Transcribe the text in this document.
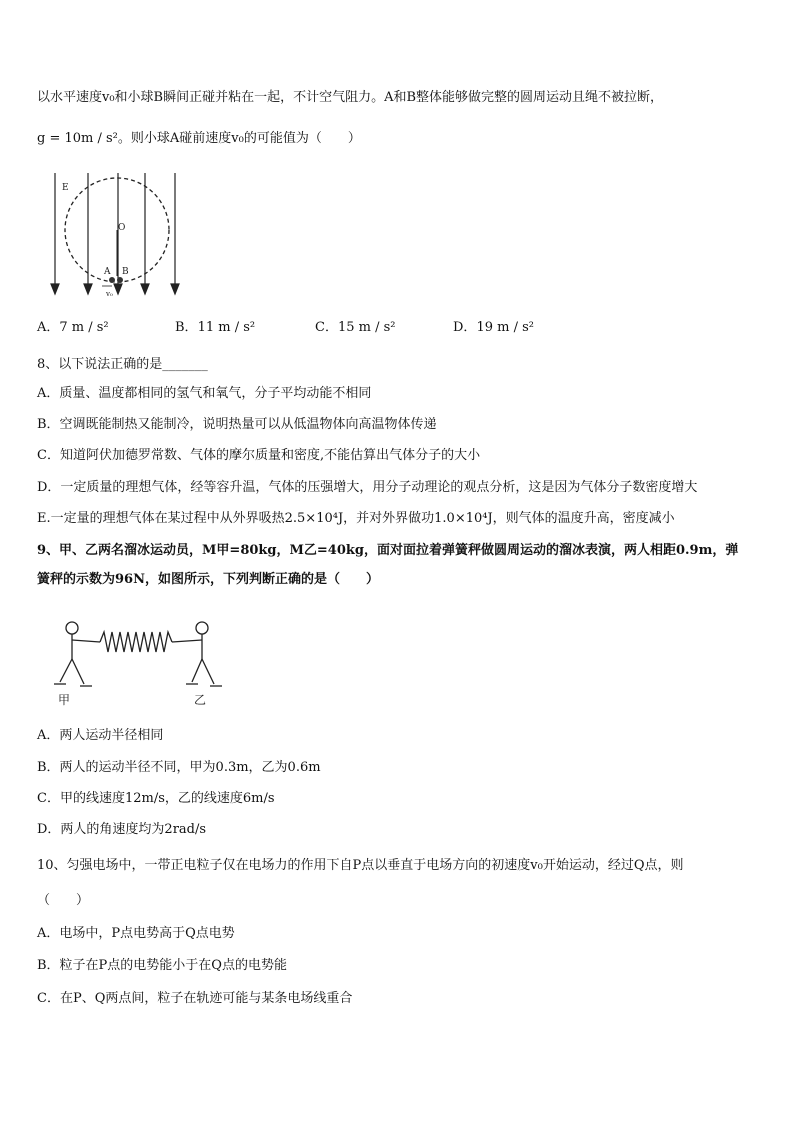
以水平速度v₀和小球B瞬间正碰并粘在一起，不计空气阻力。A和B整体能够做完整的圆周运动且绳不被拉断，
g = 10m / s²。则小球A碰前速度v₀的可能值为（　　）
E
O
A B
v₀
A．7 m / s²	B．11 m / s²	C．15 m / s²	D．19 m / s²
8、以下说法正确的是_______
A．质量、温度都相同的氢气和氧气，分子平均动能不相同
B．空调既能制热又能制冷，说明热量可以从低温物体向高温物体传递
C．知道阿伏加德罗常数、气体的摩尔质量和密度,不能估算出气体分子的大小
D．一定质量的理想气体，经等容升温，气体的压强增大，用分子动理论的观点分析，这是因为气体分子数密度增大
E.一定量的理想气体在某过程中从外界吸热2.5×10⁴J，并对外界做功1.0×10⁴J，则气体的温度升高，密度减小
9、甲、乙两名溜冰运动员，M甲=80kg，M乙=40kg，面对面拉着弹簧秤做圆周运动的溜冰表演，两人相距0.9m，弹
簧秤的示数为96N，如图所示，下列判断正确的是（　　）
甲	乙
A．两人运动半径相同
B．两人的运动半径不同，甲为0.3m，乙为0.6m
C．甲的线速度12m/s，乙的线速度6m/s
D．两人的角速度均为2rad/s
10、匀强电场中，一带正电粒子仅在电场力的作用下自P点以垂直于电场方向的初速度v₀开始运动，经过Q点，则
（　　）
A．电场中，P点电势高于Q点电势
B．粒子在P点的电势能小于在Q点的电势能
C．在P、Q两点间，粒子在轨迹可能与某条电场线重合
